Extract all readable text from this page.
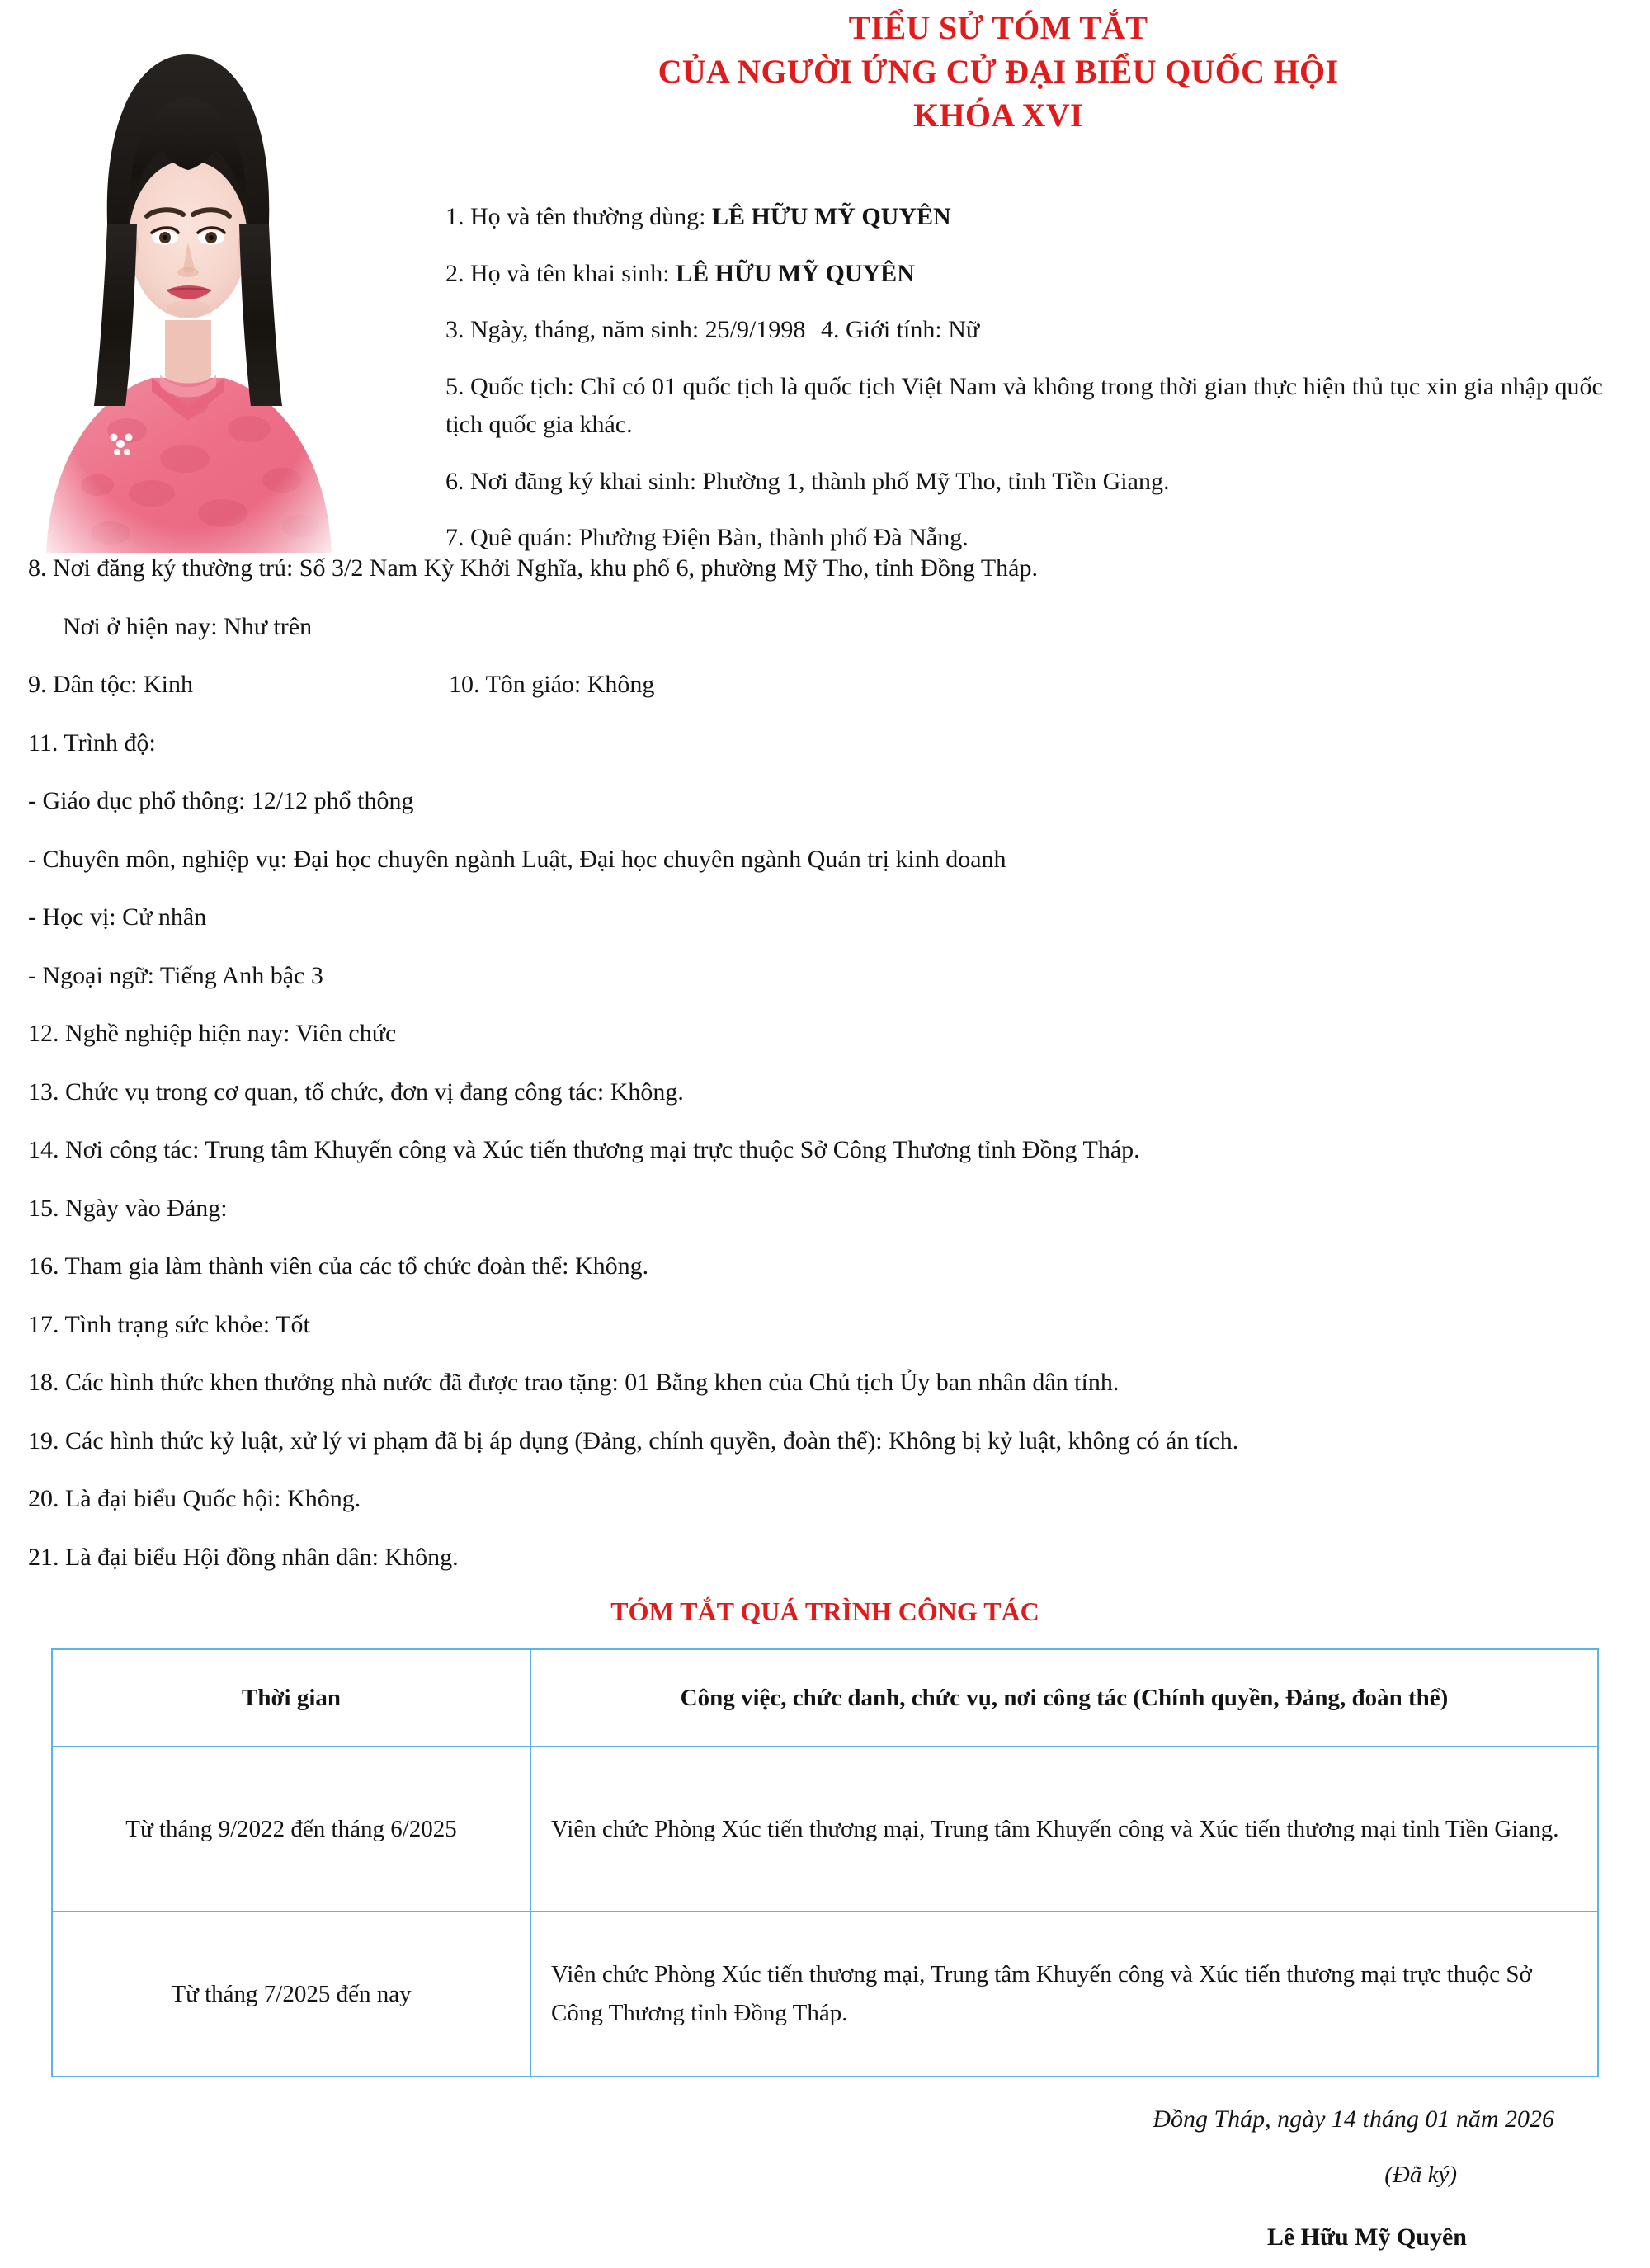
TIỂU SỬ TÓM TẮT
CỦA NGƯỜI ỨNG CỬ ĐẠI BIỂU QUỐC HỘI
KHÓA XVI

1. Họ và tên thường dùng: LÊ HỮU MỸ QUYÊN

2. Họ và tên khai sinh: LÊ HỮU MỸ QUYÊN

3. Ngày, tháng, năm sinh: 25/9/1998 4. Giới tính: Nữ

5. Quốc tịch: Chỉ có 01 quốc tịch là quốc tịch Việt Nam và không trong thời gian thực hiện thủ tục xin gia nhập quốc tịch quốc gia khác.

6. Nơi đăng ký khai sinh: Phường 1, thành phố Mỹ Tho, tỉnh Tiền Giang.

7. Quê quán: Phường Điện Bàn, thành phố Đà Nẵng.

8. Nơi đăng ký thường trú: Số 3/2 Nam Kỳ Khởi Nghĩa, khu phố 6, phường Mỹ Tho, tỉnh Đồng Tháp.

Nơi ở hiện nay: Như trên

9. Dân tộc: Kinh	10. Tôn giáo: Không

11. Trình độ:

- Giáo dục phổ thông: 12/12 phổ thông

- Chuyên môn, nghiệp vụ: Đại học chuyên ngành Luật, Đại học chuyên ngành Quản trị kinh doanh

- Học vị: Cử nhân

- Ngoại ngữ: Tiếng Anh bậc 3

12. Nghề nghiệp hiện nay: Viên chức

13. Chức vụ trong cơ quan, tổ chức, đơn vị đang công tác: Không.

14. Nơi công tác: Trung tâm Khuyến công và Xúc tiến thương mại trực thuộc Sở Công Thương tỉnh Đồng Tháp.

15. Ngày vào Đảng:

16. Tham gia làm thành viên của các tổ chức đoàn thể: Không.

17. Tình trạng sức khỏe: Tốt

18. Các hình thức khen thưởng nhà nước đã được trao tặng: 01 Bằng khen của Chủ tịch Ủy ban nhân dân tỉnh.

19. Các hình thức kỷ luật, xử lý vi phạm đã bị áp dụng (Đảng, chính quyền, đoàn thể): Không bị kỷ luật, không có án tích.

20. Là đại biểu Quốc hội: Không.

21. Là đại biểu Hội đồng nhân dân: Không.

TÓM TẮT QUÁ TRÌNH CÔNG TÁC
Thời gian	Công việc, chức danh, chức vụ, nơi công tác (Chính quyền, Đảng, đoàn thể)
Từ tháng 9/2022 đến tháng 6/2025	Viên chức Phòng Xúc tiến thương mại, Trung tâm Khuyến công và Xúc tiến thương mại tỉnh Tiền Giang.
Từ tháng 7/2025 đến nay	Viên chức Phòng Xúc tiến thương mại, Trung tâm Khuyến công và Xúc tiến thương mại trực thuộc Sở Công Thương tỉnh Đồng Tháp.
Đồng Tháp, ngày 14 tháng 01 năm 2026
(Đã ký)
Lê Hữu Mỹ Quyên
